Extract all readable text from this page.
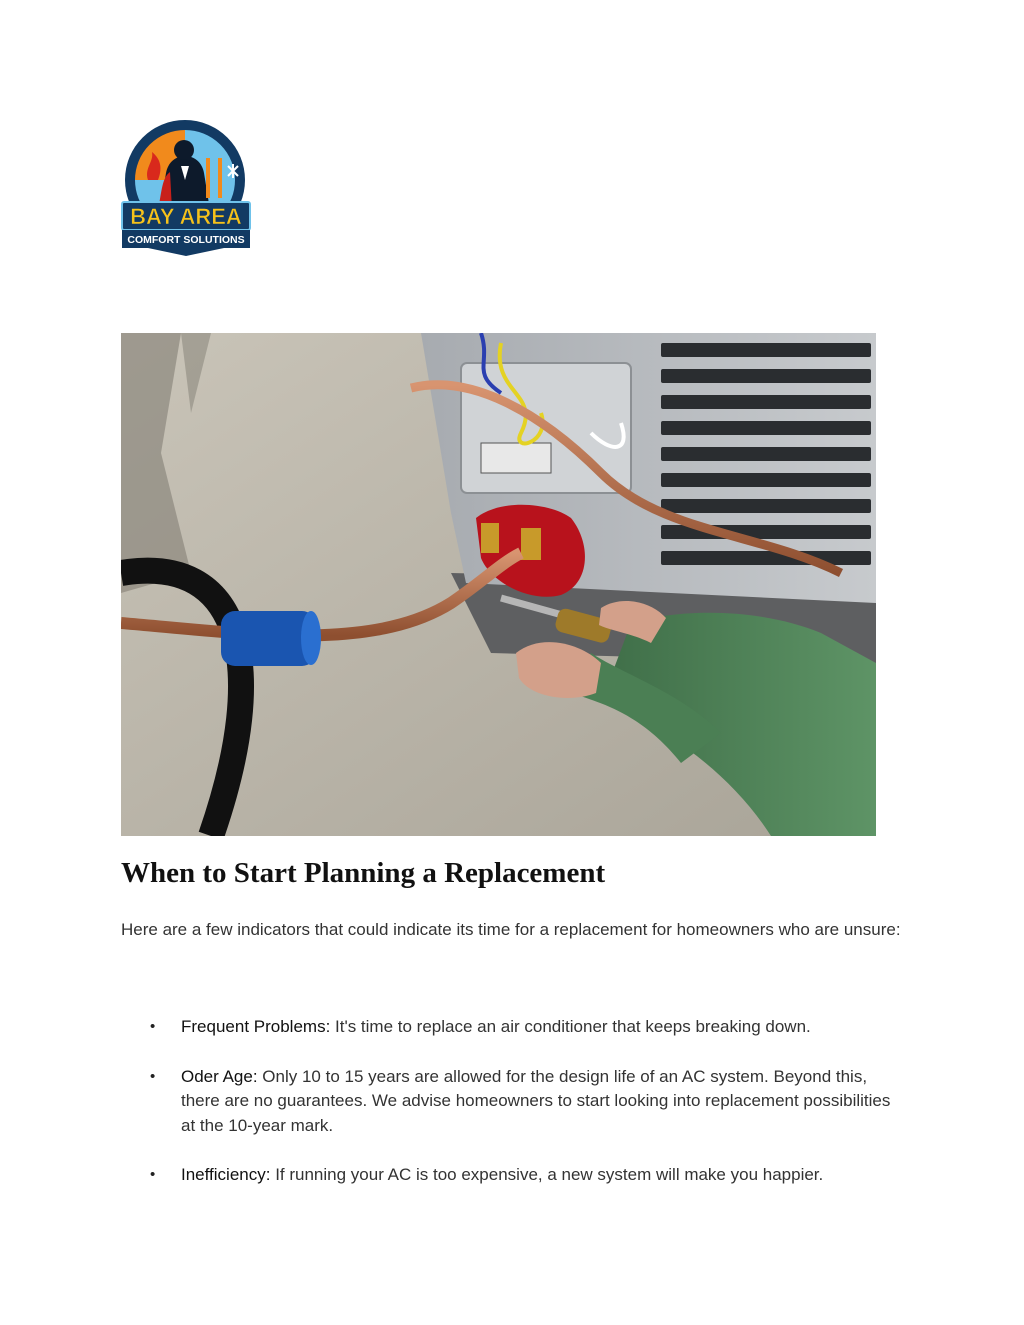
BAY AREA
COMFORT SOLUTIONS
When to Start Planning a Replacement

Here are a few indicators that could indicate its time for a replacement for homeowners who are unsure:

• Frequent Problems: It's time to replace an air conditioner that keeps breaking down.
• Oder Age: Only 10 to 15 years are allowed for the design life of an AC system. Beyond this, there are no guarantees. We advise homeowners to start looking into replacement possibilities at the 10-year mark.
• Inefficiency: If running your AC is too expensive, a new system will make you happier.
